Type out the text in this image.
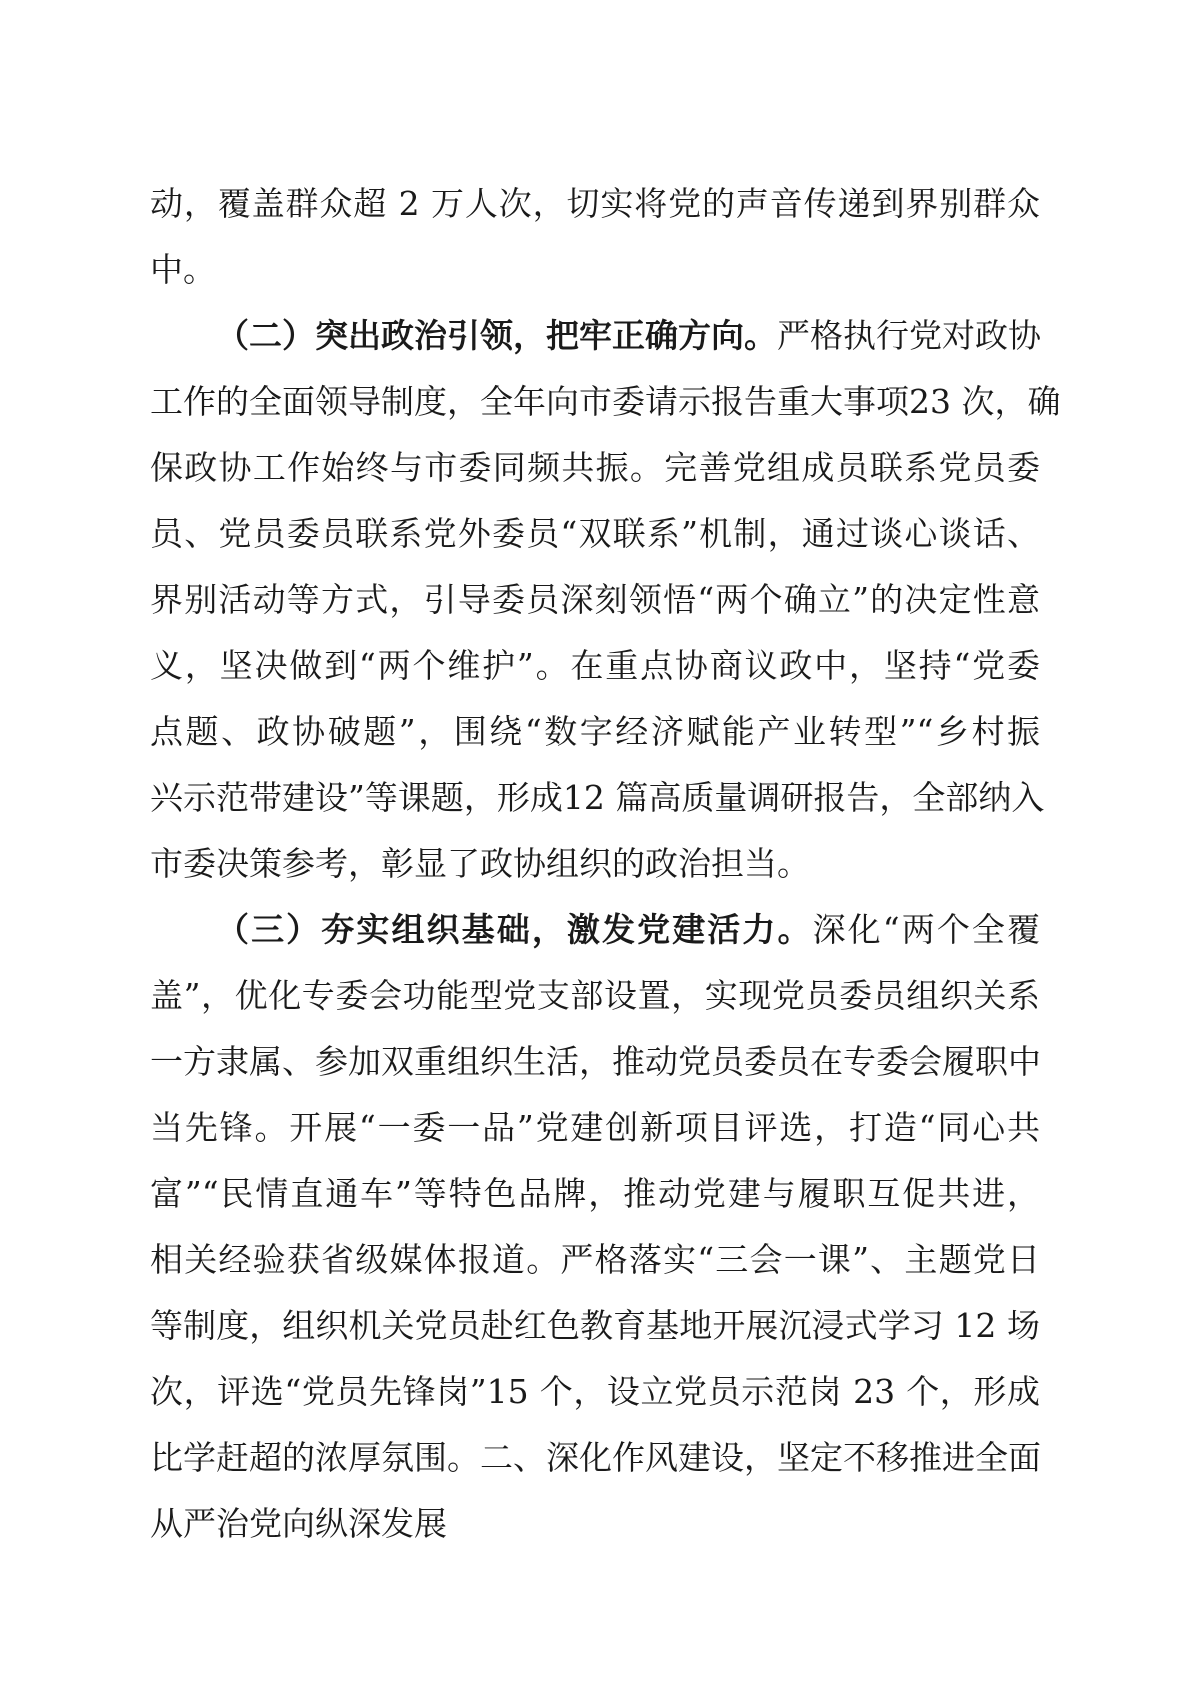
动，覆盖群众超 2 万人次，切实将党的声音传递到界别群众
中。
（二）突出政治引领，把牢正确方向。严格执行党对政协
工作的全面领导制度，全年向市委请示报告重大事项23 次，确
保政协工作始终与市委同频共振。完善党组成员联系党员委
员、党员委员联系党外委员“双联系”机制，通过谈心谈话、
界别活动等方式，引导委员深刻领悟“两个确立”的决定性意
义，坚决做到“两个维护”。在重点协商议政中，坚持“党委
点题、政协破题”，围绕“数字经济赋能产业转型”“乡村振
兴示范带建设”等课题，形成12 篇高质量调研报告，全部纳入
市委决策参考，彰显了政协组织的政治担当。
（三）夯实组织基础，激发党建活力。深化“两个全覆
盖”，优化专委会功能型党支部设置，实现党员委员组织关系
一方隶属、参加双重组织生活，推动党员委员在专委会履职中
当先锋。开展“一委一品”党建创新项目评选，打造“同心共
富”“民情直通车”等特色品牌，推动党建与履职互促共进，
相关经验获省级媒体报道。严格落实“三会一课”、主题党日
等制度，组织机关党员赴红色教育基地开展沉浸式学习 12 场
次，评选“党员先锋岗”15 个，设立党员示范岗 23 个，形成
比学赶超的浓厚氛围。二、深化作风建设，坚定不移推进全面
从严治党向纵深发展
